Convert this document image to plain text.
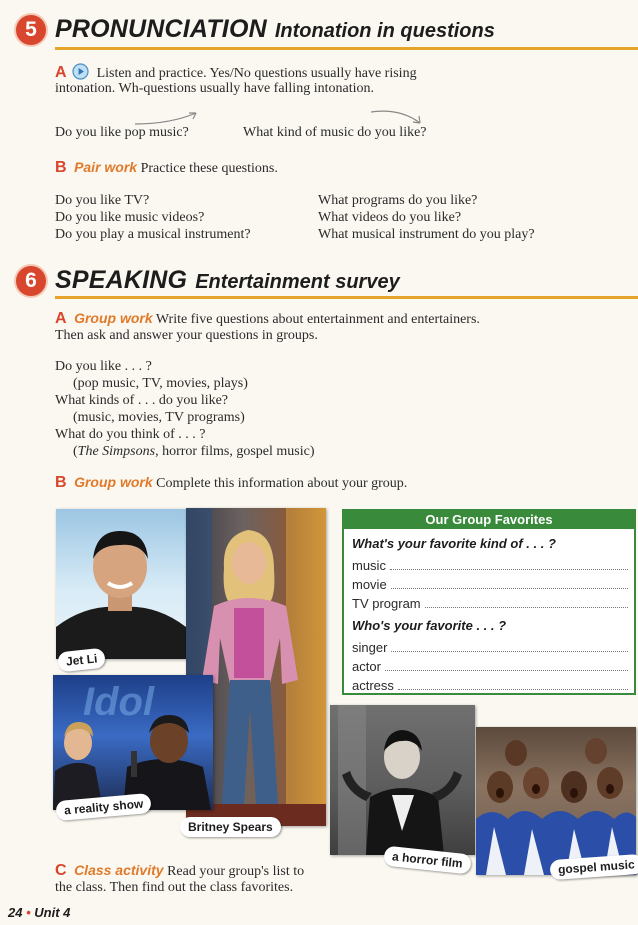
5 PRONUNCIATION Intonation in questions
A Listen and practice. Yes/No questions usually have rising
intonation. Wh-questions usually have falling intonation.
Do you like pop music?	What kind of music do you like?
B Pair work Practice these questions.
Do you like TV?
Do you like music videos?
Do you play a musical instrument?
What programs do you like?
What videos do you like?
What musical instrument do you play?
6 SPEAKING Entertainment survey
A Group work Write five questions about entertainment and entertainers.
Then ask and answer your questions in groups.
Do you like . . . ?
(pop music, TV, movies, plays)
What kinds of . . . do you like?
(music, movies, TV programs)
What do you think of . . . ?
(The Simpsons, horror films, gospel music)
B Group work Complete this information about your group.
Our Group Favorites
What's your favorite kind of . . . ?
music
movie
TV program
Who's your favorite . . . ?
singer
actor
actress
Jet Li
Britney Spears
Idol
a reality show
a horror film	gospel music
C Class activity Read your group's list to
the class. Then find out the class favorites.
24 • Unit 4
